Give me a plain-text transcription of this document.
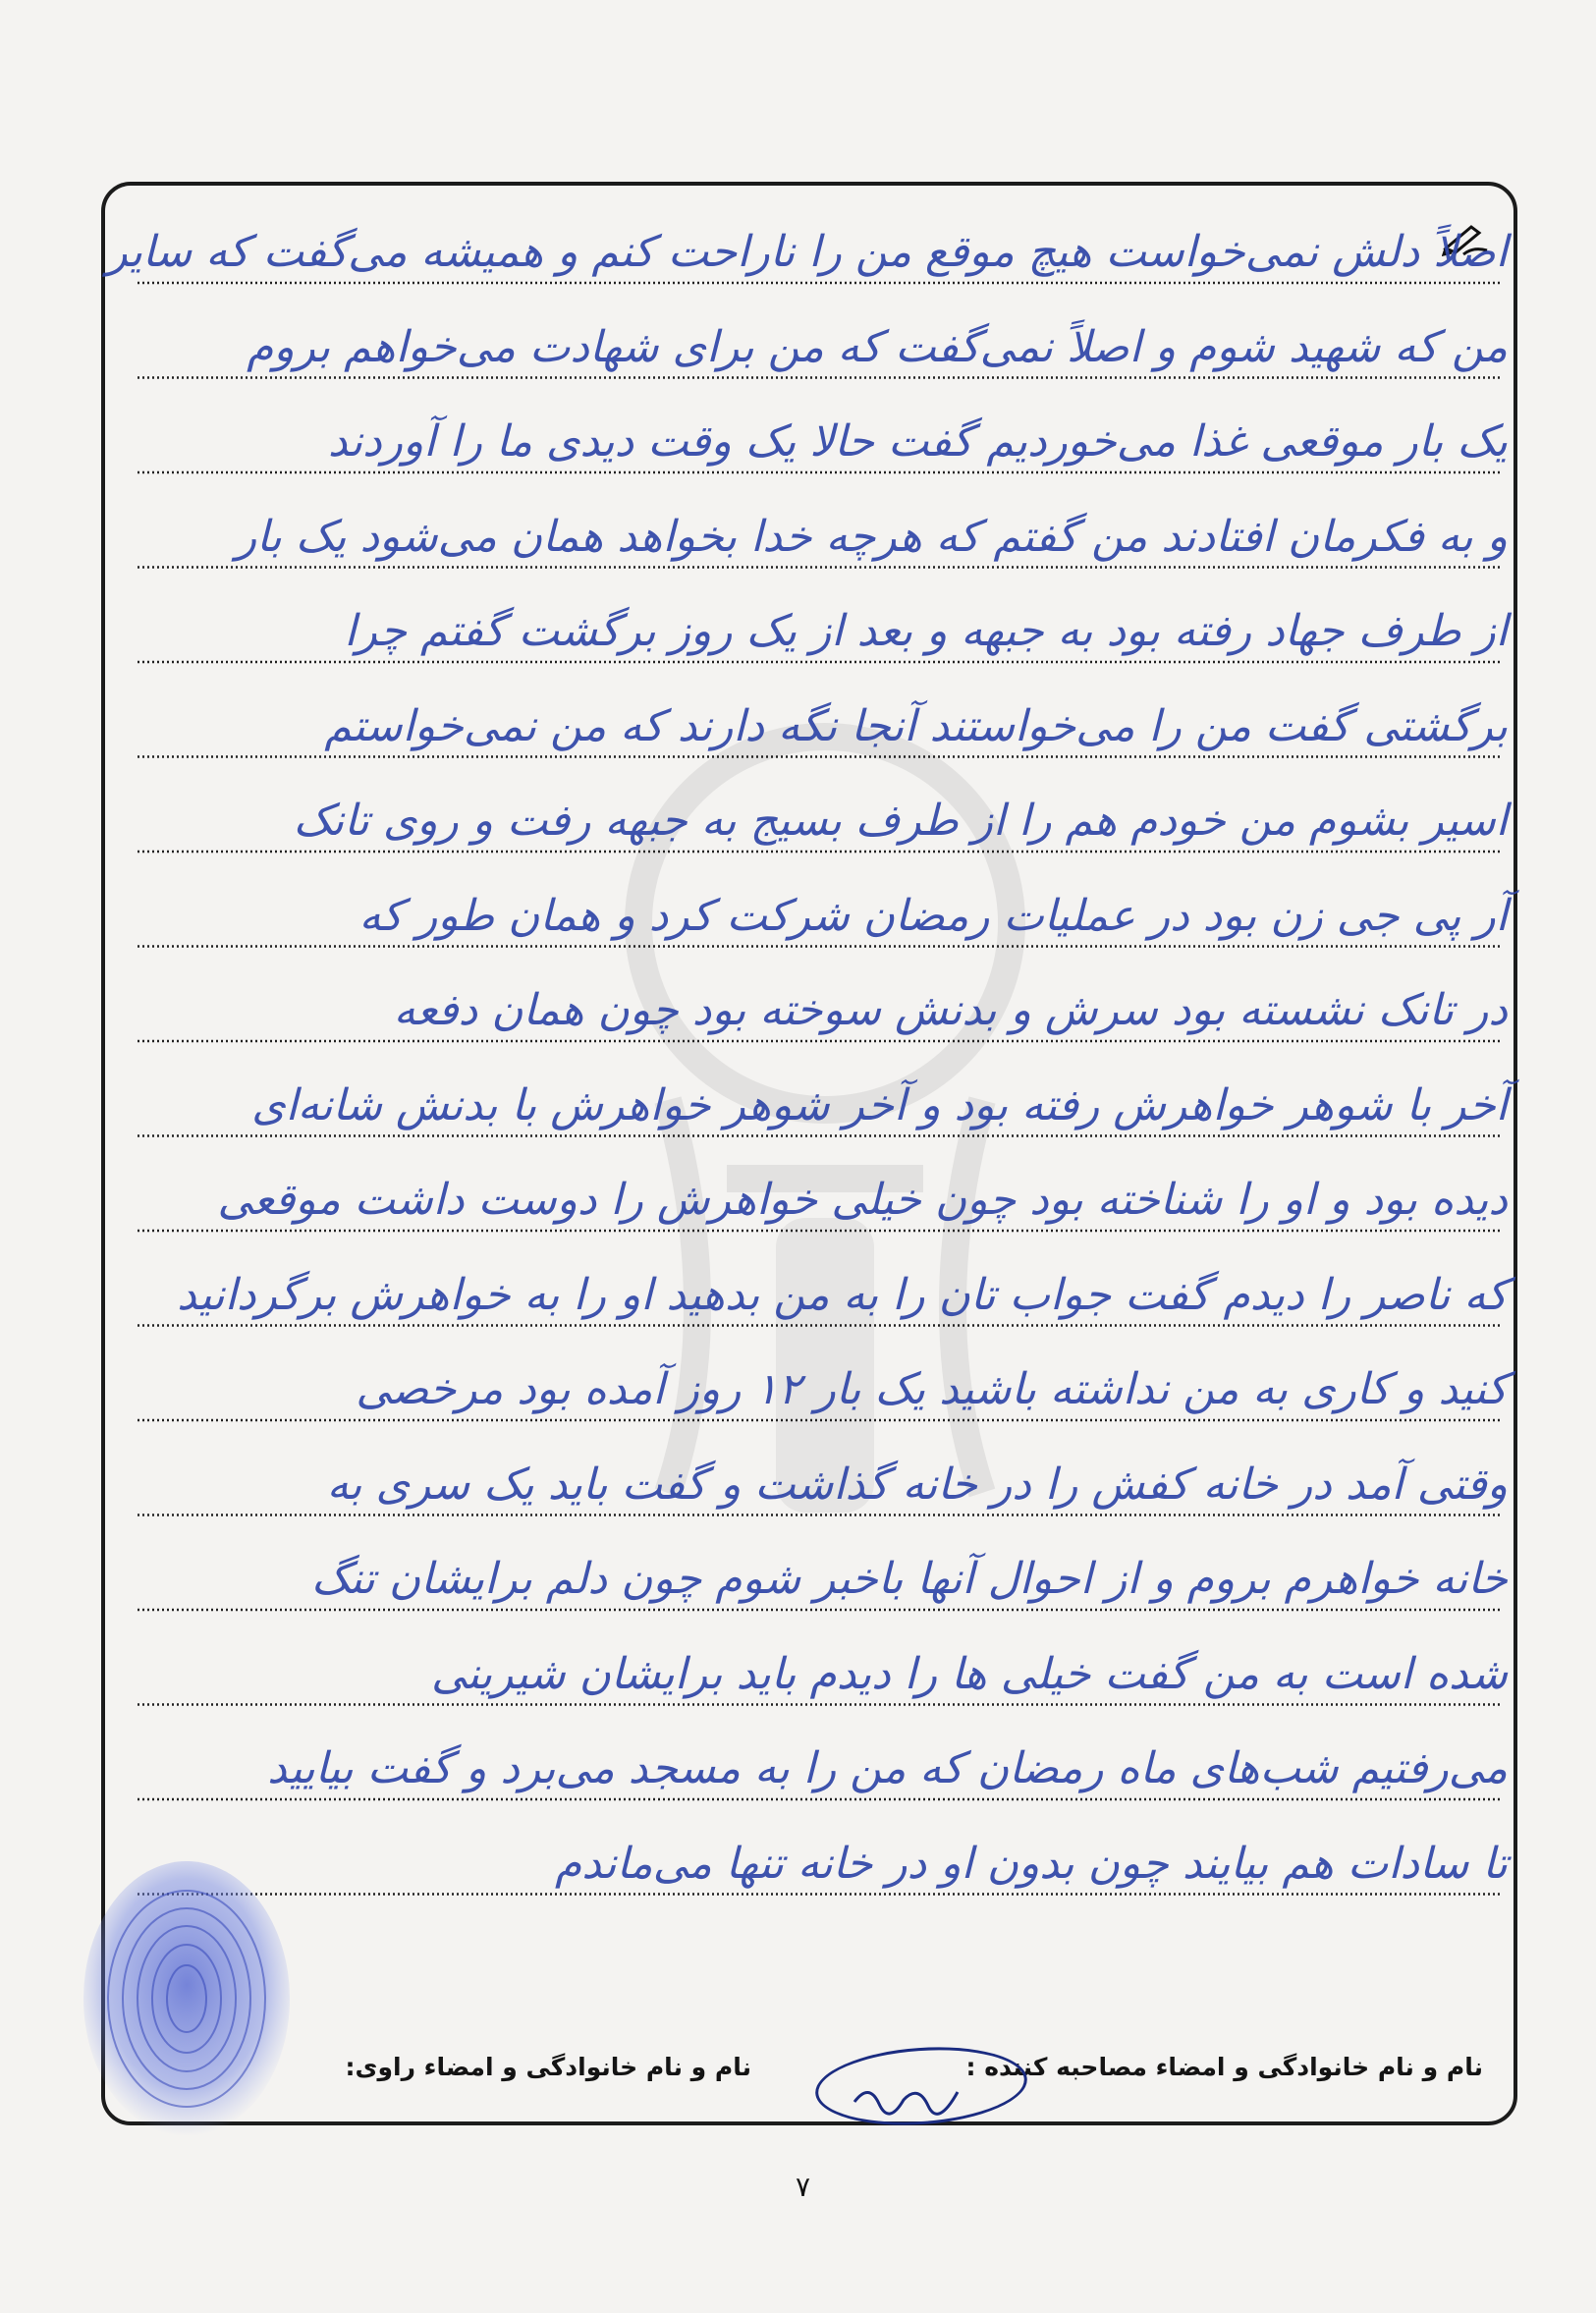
اصلاً دلش نمی‌خواست هیچ موقع من را ناراحت کنم و همیشه می‌گفت که سایر
من که شهید شوم و اصلاً نمی‌گفت که من برای شهادت می‌خواهم بروم
یک بار موقعی غذا می‌خوردیم گفت حالا یک وقت دیدی ما را آوردند
و به فکرمان افتادند من گفتم که هرچه خدا بخواهد همان می‌شود یک بار
از طرف جهاد رفته بود به جبهه و بعد از یک روز برگشت گفتم چرا
برگشتی گفت من را می‌خواستند آنجا نگه دارند که من نمی‌خواستم
اسیر بشوم من خودم هم را از طرف بسیج به جبهه رفت و روی تانک
آر پی جی زن بود در عملیات رمضان شرکت کرد و همان طور که
در تانک نشسته بود سرش و بدنش سوخته بود چون همان دفعه
آخر با شوهر خواهرش رفته بود و آخر شوهر خواهرش با بدنش شانه‌ای
دیده بود و او را شناخته بود چون خیلی خواهرش را دوست داشت موقعی
که ناصر را دیدم گفت جواب تان را به من بدهید او را به خواهرش برگردانید
کنید و کاری به من نداشته باشید یک بار ۱۲ روز آمده بود مرخصی
وقتی آمد در خانه کفش را در خانه گذاشت و گفت باید یک سری به
خانه خواهرم بروم و از احوال آنها باخبر شوم چون دلم برایشان تنگ
شده است به من گفت خیلی ها را دیدم باید برایشان شیرینی
می‌رفتیم شب‌های ماه رمضان که من را به مسجد می‌برد و گفت بیایید
تا سادات هم بیایند چون بدون او در خانه تنها می‌ماندم
نام و نام خانوادگی و امضاء مصاحبه کننده :
نام و نام خانوادگی و امضاء راوی:
۷
